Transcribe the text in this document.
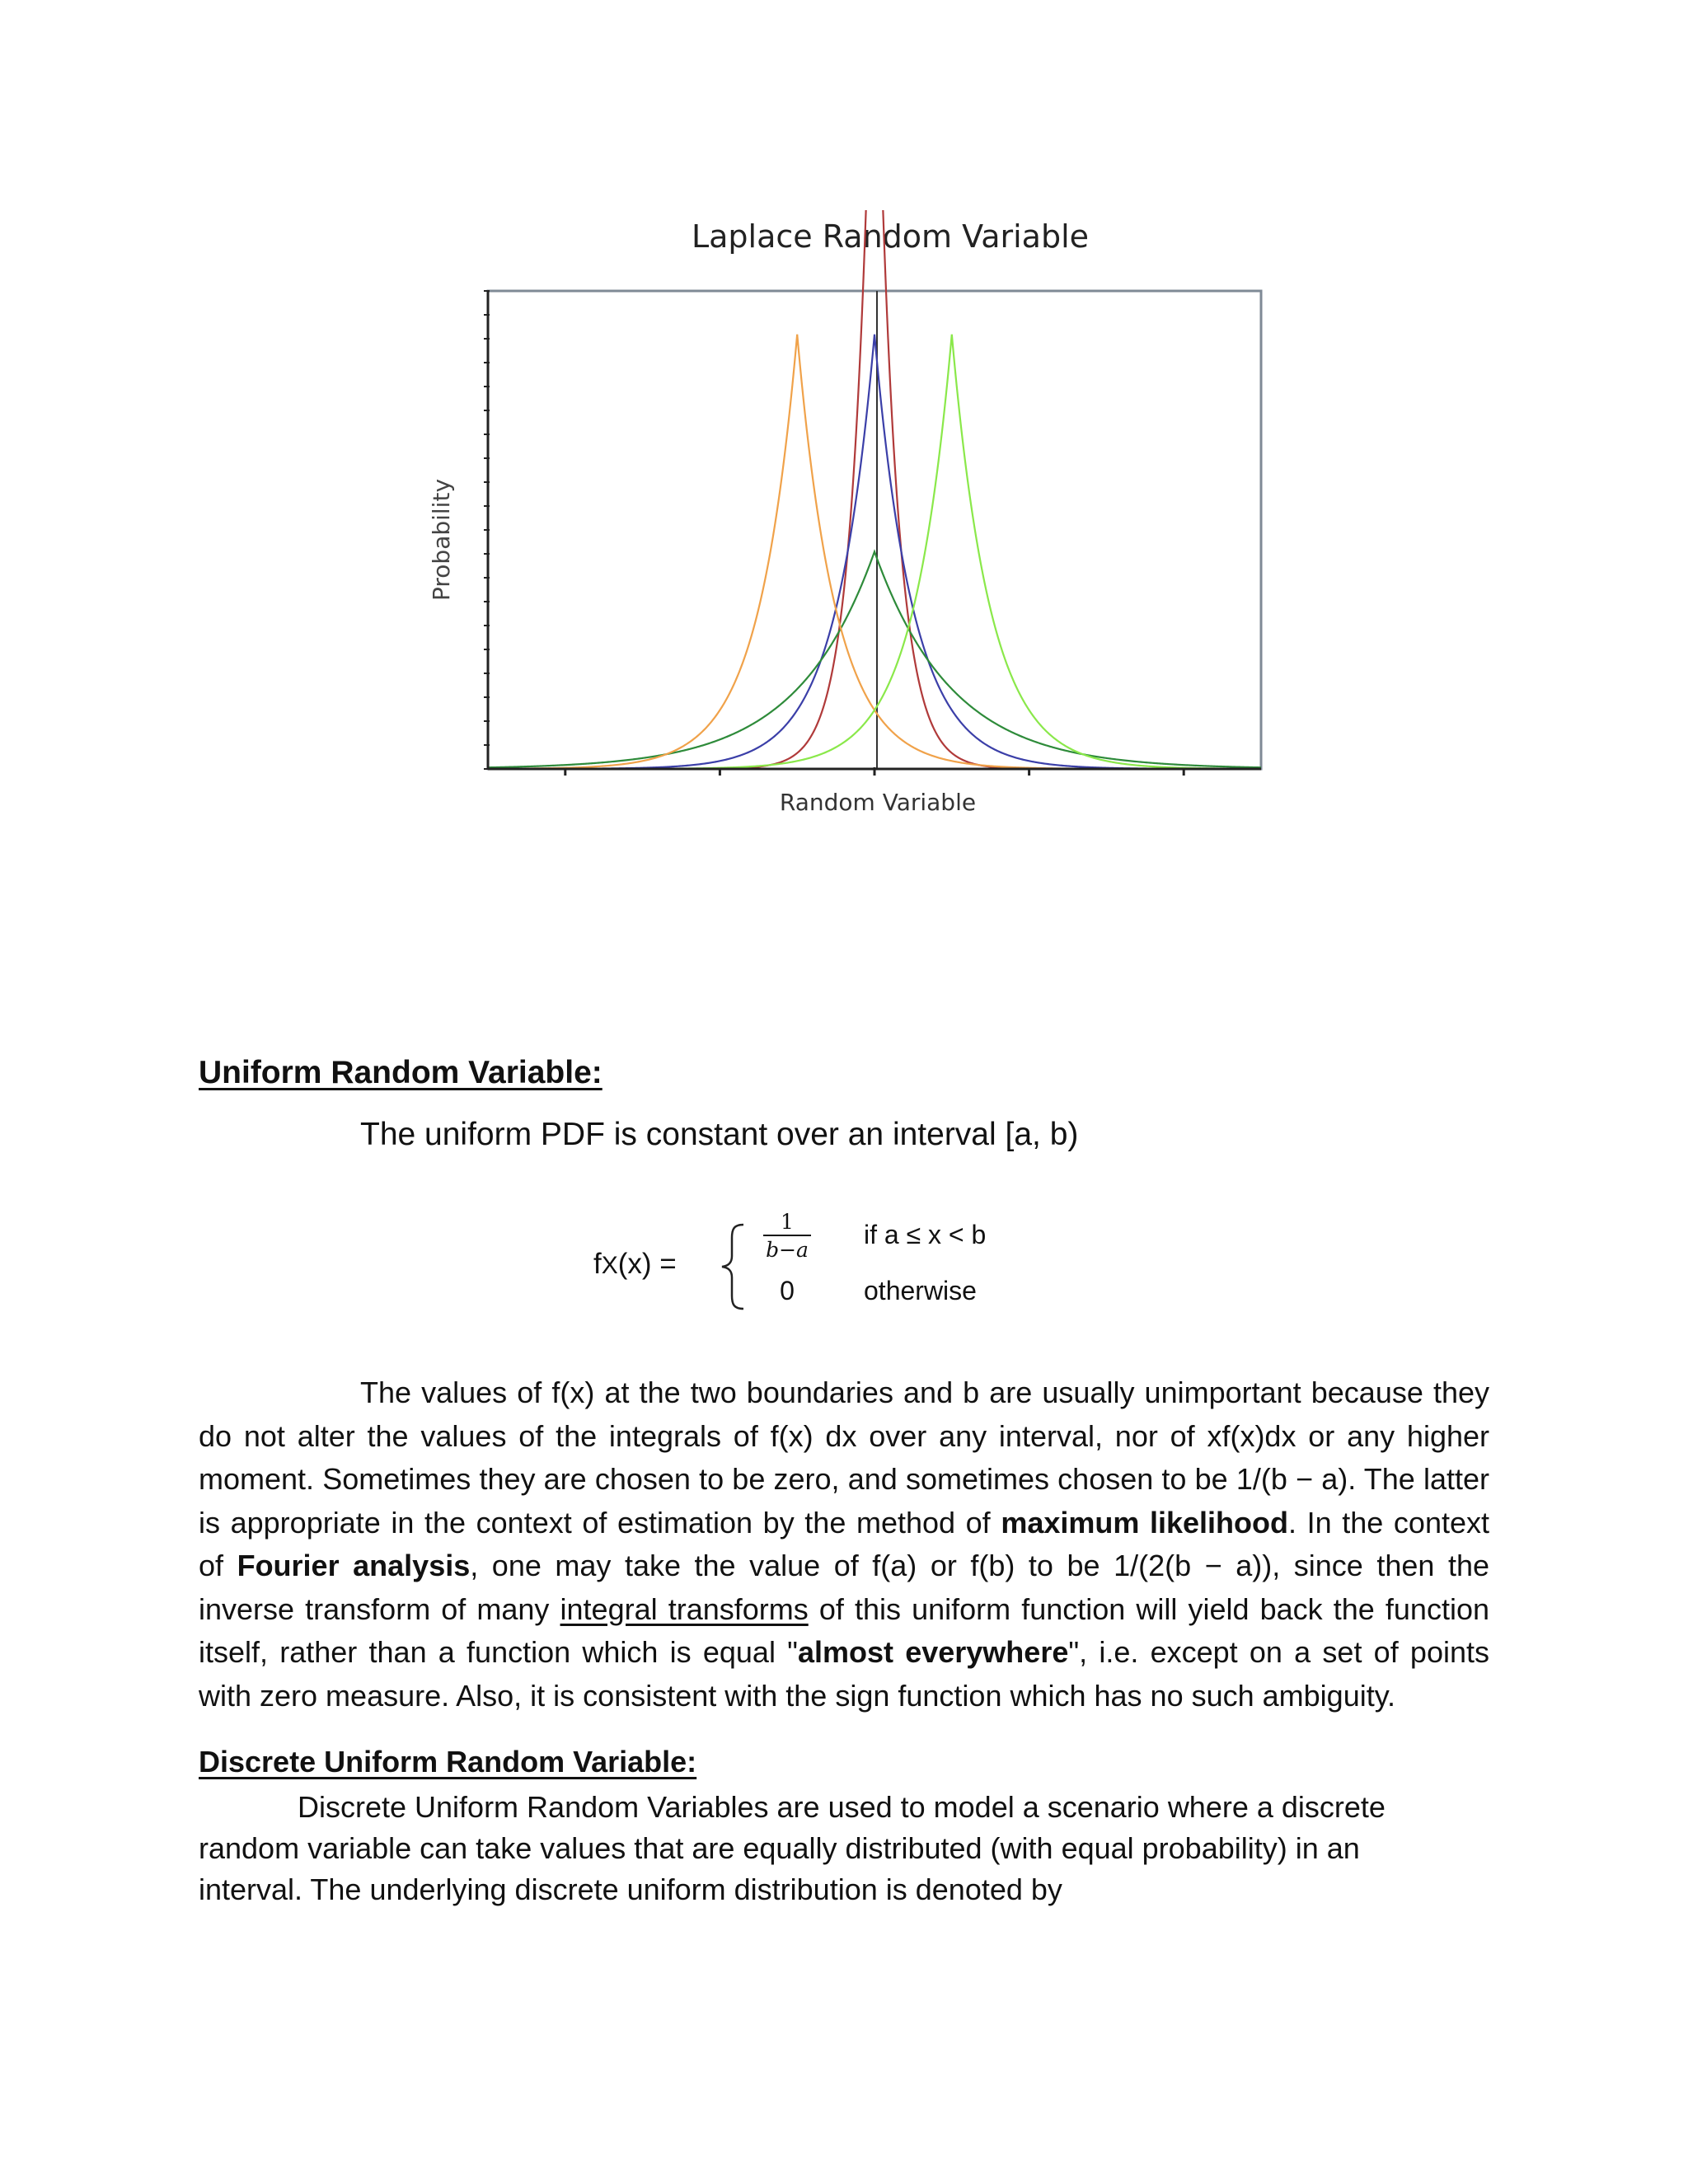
Laplace Random Variable
Probability
Random Variable
Uniform Random Variable:

The uniform PDF is constant over an interval [a, b)

fX(x) =
1
b−a
0
if a ≤ x < b
otherwise

The values of f(x) at the two boundaries and b are usually unimportant because they do not alter the values of the integrals of f(x) dx over any interval, nor of xf(x)dx or any higher moment. Sometimes they are chosen to be zero, and sometimes chosen to be 1/(b − a). The latter is appropriate in the context of estimation by the method of maximum likelihood. In the context of Fourier analysis, one may take the value of f(a) or f(b) to be 1/(2(b − a)), since then the inverse transform of many integral transforms of this uniform function will yield back the function itself, rather than a function which is equal "almost everywhere", i.e. except on a set of points with zero measure. Also, it is consistent with the sign function which has no such ambiguity.

Discrete Uniform Random Variable:

Discrete Uniform Random Variables are used to model a scenario where a discrete random variable can take values that are equally distributed (with equal probability) in an interval. The underlying discrete uniform distribution is denoted by
